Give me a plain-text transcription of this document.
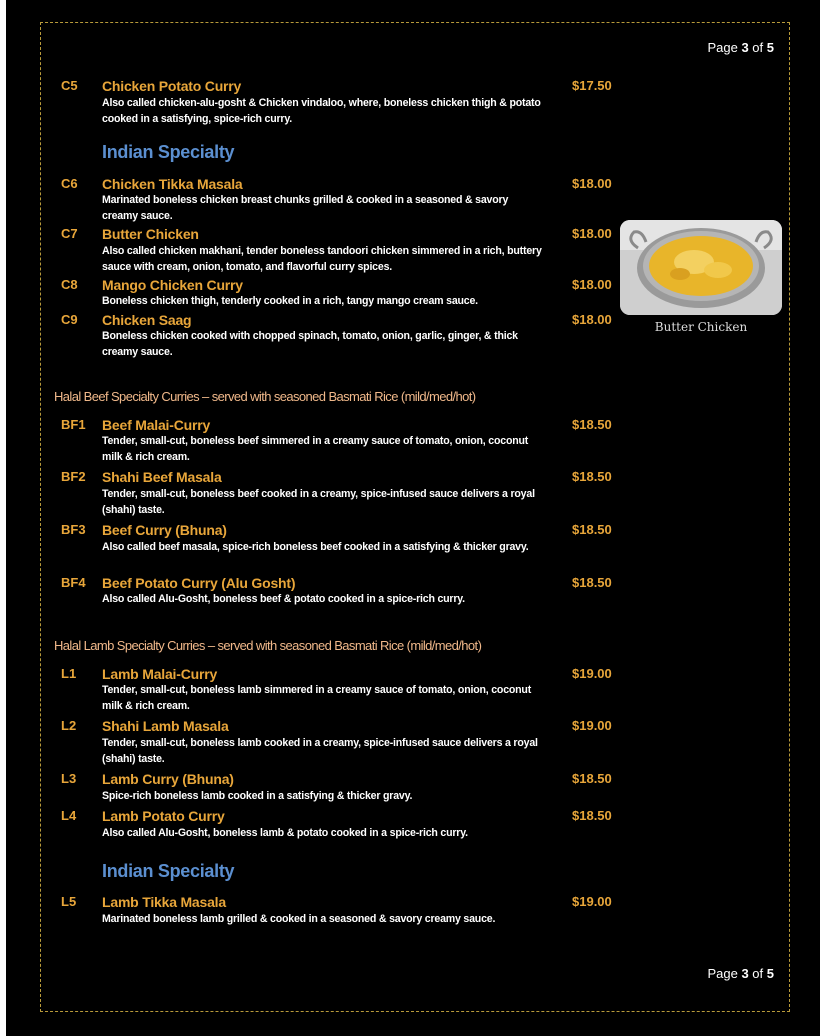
Page 3 of 5
C5 Chicken Potato Curry	$17.50
Also called chicken-alu-gosht & Chicken vindaloo, where, boneless chicken thigh & potato cooked in a satisfying, spice-rich curry.
Indian Specialty
C6 Chicken Tikka Masala	$18.00
Marinated boneless chicken breast chunks grilled & cooked in a seasoned & savory creamy sauce.
C7 Butter Chicken	$18.00
Also called chicken makhani, tender boneless tandoori chicken simmered in a rich, buttery sauce with cream, onion, tomato, and flavorful curry spices.
C8 Mango Chicken Curry	$18.00
Boneless chicken thigh, tenderly cooked in a rich, tangy mango cream sauce.
C9 Chicken Saag	$18.00
Boneless chicken cooked with chopped spinach, tomato, onion, garlic, ginger, & thick creamy sauce.
Butter Chicken
Halal Beef Specialty Curries – served with seasoned Basmati Rice (mild/med/hot)
BF1 Beef Malai-Curry	$18.50
Tender, small-cut, boneless beef simmered in a creamy sauce of tomato, onion, coconut milk & rich cream.
BF2 Shahi Beef Masala	$18.50
Tender, small-cut, boneless beef cooked in a creamy, spice-infused sauce delivers a royal (shahi) taste.
BF3 Beef Curry (Bhuna)	$18.50
Also called beef masala, spice-rich boneless beef cooked in a satisfying & thicker gravy.
BF4 Beef Potato Curry (Alu Gosht)	$18.50
Also called Alu-Gosht, boneless beef & potato cooked in a spice-rich curry.
Halal Lamb Specialty Curries – served with seasoned Basmati Rice (mild/med/hot)
L1 Lamb Malai-Curry	$19.00
Tender, small-cut, boneless lamb simmered in a creamy sauce of tomato, onion, coconut milk & rich cream.
L2 Shahi Lamb Masala	$19.00
Tender, small-cut, boneless lamb cooked in a creamy, spice-infused sauce delivers a royal (shahi) taste.
L3 Lamb Curry (Bhuna)	$18.50
Spice-rich boneless lamb cooked in a satisfying & thicker gravy.
L4 Lamb Potato Curry	$18.50
Also called Alu-Gosht, boneless lamb & potato cooked in a spice-rich curry.
Indian Specialty
L5 Lamb Tikka Masala	$19.00
Marinated boneless lamb grilled & cooked in a seasoned & savory creamy sauce.
Page 3 of 5
